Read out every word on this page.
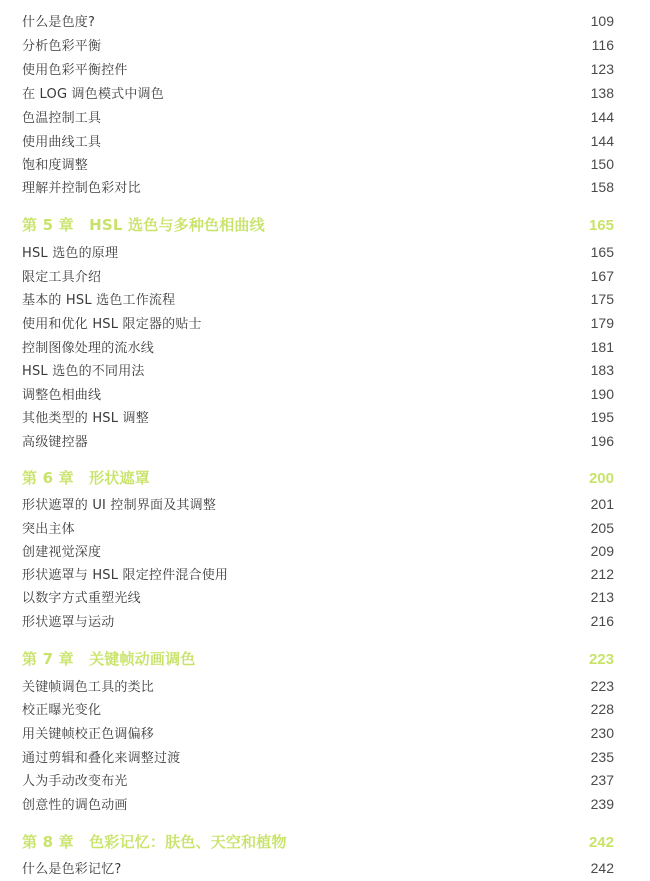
什么是色度?	109
分析色彩平衡	116
使用色彩平衡控件	123
在 LOG 调色模式中调色	138
色温控制工具	144
使用曲线工具	144
饱和度调整	150
理解并控制色彩对比	158
第 5 章　HSL 选色与多种色相曲线	165
HSL 选色的原理	165
限定工具介绍	167
基本的 HSL 选色工作流程	175
使用和优化 HSL 限定器的贴士	179
控制图像处理的流水线	181
HSL 选色的不同用法	183
调整色相曲线	190
其他类型的 HSL 调整	195
高级键控器	196
第 6 章　形状遮罩	200
形状遮罩的 UI 控制界面及其调整	201
突出主体	205
创建视觉深度	209
形状遮罩与 HSL 限定控件混合使用	212
以数字方式重塑光线	213
形状遮罩与运动	216
第 7 章　关键帧动画调色	223
关键帧调色工具的类比	223
校正曝光变化	228
用关键帧校正色调偏移	230
通过剪辑和叠化来调整过渡	235
人为手动改变布光	237
创意性的调色动画	239
第 8 章　色彩记忆：肤色、天空和植物	242
什么是色彩记忆?	242
